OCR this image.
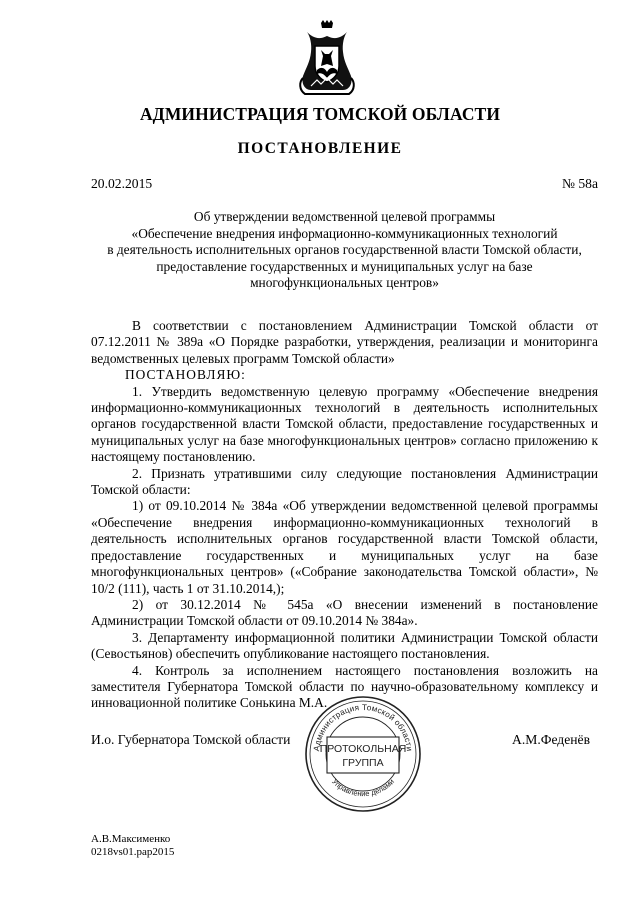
АДМИНИСТРАЦИЯ ТОМСКОЙ ОБЛАСТИ
ПОСТАНОВЛЕНИЕ
20.02.2015	№ 58а
Об утверждении ведомственной целевой программы
«Обеспечение внедрения информационно-коммуникационных технологий
в деятельность исполнительных органов государственной власти Томской области,
предоставление государственных и муниципальных услуг на базе
многофункциональных центров»

В соответствии с постановлением Администрации Томской области от 07.12.2011 № 389а «О Порядке разработки, утверждения, реализации и мониторинга ведомственных целевых программ Томской области»

ПОСТАНОВЛЯЮ:

1. Утвердить ведомственную целевую программу «Обеспечение внедрения информационно-коммуникационных технологий в деятельность исполнительных органов государственной власти Томской области, предоставление государственных и муниципальных услуг на базе многофункциональных центров» согласно приложению к настоящему постановлению.

2. Признать утратившими силу следующие постановления Администрации Томской области:

1) от 09.10.2014 № 384а «Об утверждении ведомственной целевой программы «Обеспечение внедрения информационно-коммуникационных технологий в деятельность исполнительных органов государственной власти Томской области, предоставление государственных и муниципальных услуг на базе многофункциональных центров» («Собрание законодательства Томской области», № 10/2 (111), часть 1 от 31.10.2014,);

2) от 30.12.2014 № 545а «О внесении изменений в постановление Администрации Томской области от 09.10.2014 № 384а».

3. Департаменту информационной политики Администрации Томской области (Севостьянов) обеспечить опубликование настоящего постановления.

4. Контроль за исполнением настоящего постановления возложить на заместителя Губернатора Томской области по научно-образовательному комплексу и инновационной политике Сонькина М.А.

И.о. Губернатора Томской области	А.М.Феденёв
Администрация Томской области
Управление делами
ПРОТОКОЛЬНАЯ
ГРУППА
А.В.Максименко
0218vs01.pap2015
